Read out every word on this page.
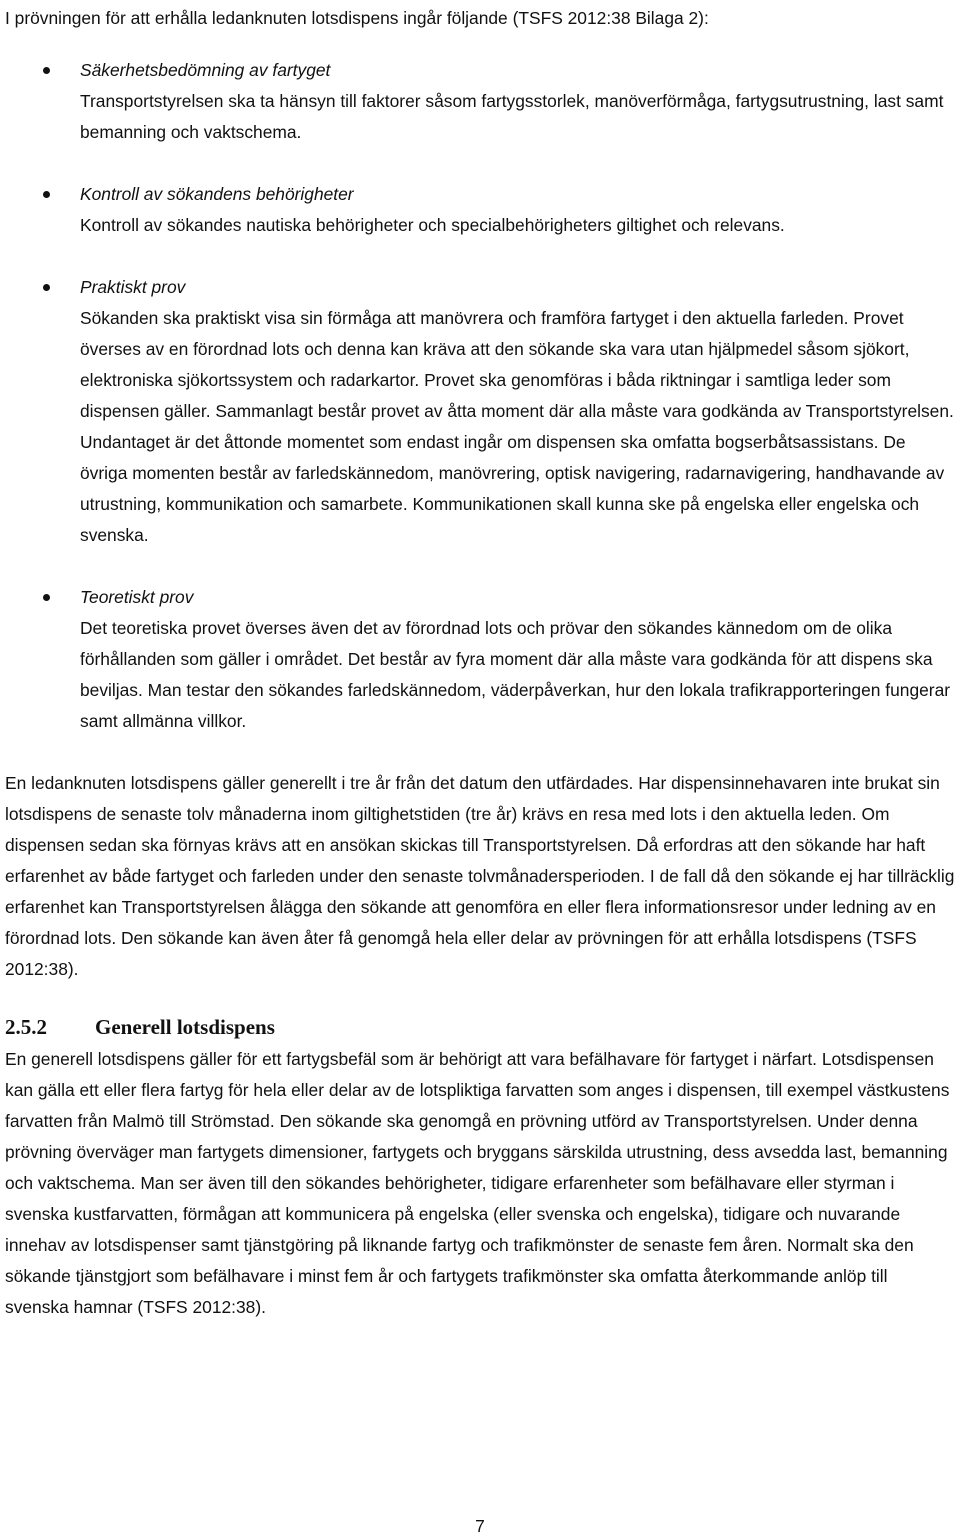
I prövningen för att erhålla ledanknuten lotsdispens ingår följande (TSFS 2012:38 Bilaga 2):

Säkerhetsbedömning av fartyget
Transportstyrelsen ska ta hänsyn till faktorer såsom fartygsstorlek, manöverförmåga, fartygsutrustning, last samt bemanning och vaktschema.
Kontroll av sökandens behörigheter
Kontroll av sökandes nautiska behörigheter och specialbehörigheters giltighet och relevans.
Praktiskt prov
Sökanden ska praktiskt visa sin förmåga att manövrera och framföra fartyget i den aktuella farleden. Provet överses av en förordnad lots och denna kan kräva att den sökande ska vara utan hjälpmedel såsom sjökort, elektroniska sjökortssystem och radarkartor. Provet ska genomföras i båda riktningar i samtliga leder som dispensen gäller. Sammanlagt består provet av åtta moment där alla måste vara godkända av Transportstyrelsen. Undantaget är det åttonde momentet som endast ingår om dispensen ska omfatta bogserbåtsassistans. De övriga momenten består av farledskännedom, manövrering, optisk navigering, radarnavigering, handhavande av utrustning, kommunikation och samarbete. Kommunikationen skall kunna ske på engelska eller engelska och svenska.
Teoretiskt prov
Det teoretiska provet överses även det av förordnad lots och prövar den sökandes kännedom om de olika förhållanden som gäller i området. Det består av fyra moment där alla måste vara godkända för att dispens ska beviljas. Man testar den sökandes farledskännedom, väderpåverkan, hur den lokala trafikrapporteringen fungerar samt allmänna villkor.

En ledanknuten lotsdispens gäller generellt i tre år från det datum den utfärdades. Har dispensinnehavaren inte brukat sin lotsdispens de senaste tolv månaderna inom giltighetstiden (tre år) krävs en resa med lots i den aktuella leden. Om dispensen sedan ska förnyas krävs att en ansökan skickas till Transportstyrelsen. Då erfordras att den sökande har haft erfarenhet av både fartyget och farleden under den senaste tolvmånadersperioden. I de fall då den sökande ej har tillräcklig erfarenhet kan Transportstyrelsen ålägga den sökande att genomföra en eller flera informationsresor under ledning av en förordnad lots. Den sökande kan även åter få genomgå hela eller delar av prövningen för att erhålla lotsdispens (TSFS 2012:38).

2.5.2	Generell lotsdispens

En generell lotsdispens gäller för ett fartygsbefäl som är behörigt att vara befälhavare för fartyget i närfart. Lotsdispensen kan gälla ett eller flera fartyg för hela eller delar av de lotspliktiga farvatten som anges i dispensen, till exempel västkustens farvatten från Malmö till Strömstad. Den sökande ska genomgå en prövning utförd av Transportstyrelsen. Under denna prövning överväger man fartygets dimensioner, fartygets och bryggans särskilda utrustning, dess avsedda last, bemanning och vaktschema. Man ser även till den sökandes behörigheter, tidigare erfarenheter som befälhavare eller styrman i svenska kustfarvatten, förmågan att kommunicera på engelska (eller svenska och engelska), tidigare och nuvarande innehav av lotsdispenser samt tjänstgöring på liknande fartyg och trafikmönster de senaste fem åren. Normalt ska den sökande tjänstgjort som befälhavare i minst fem år och fartygets trafikmönster ska omfatta återkommande anlöp till svenska hamnar (TSFS 2012:38).

7
